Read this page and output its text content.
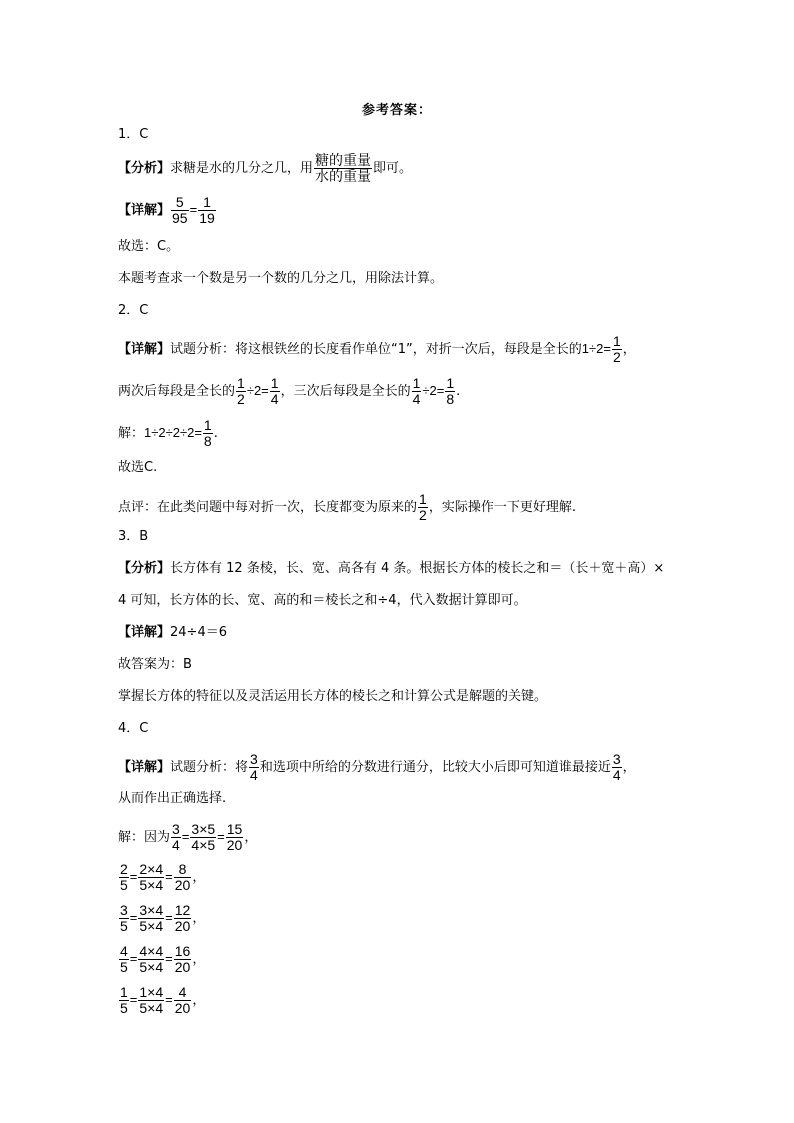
参考答案：
1．C
【分析】求糖是水的几分之几，用
糖的重量
水的重量 即可。
【详解】 $\frac{5}{95} = \frac{1}{19}$
故选：C。
本题考查求一个数是另一个数的几分之几，用除法计算。
2．C
【详解】试题分析：将这根铁丝的长度看作单位“1”，对折一次后，每段是全长的$1\div 2= \frac{1}{2}$ ，
两次后每段是全长的 $\frac{1}{2} \div 2= \frac{1}{4}$ ，三次后每段是全长的 $\frac{1}{4} \div 2= \frac{1}{8}$ .
解：$1\div 2\div 2\div 2= \frac{1}{8}$ .
故选C.
点评：在此类问题中每对折一次，长度都变为原来的 $\frac{1}{2}$ ，实际操作一下更好理解.
3．B
【分析】长方体有 12 条棱，长、宽、高各有 4 条。根据长方体的棱长之和＝（长＋宽＋高）×
4 可知，长方体的长、宽、高的和＝棱长之和÷4，代入数据计算即可。
【详解】24÷4＝6
故答案为：B
掌握长方体的特征以及灵活运用长方体的棱长之和计算公式是解题的关键。
4．C
【详解】试题分析：将 $\frac{3}{4}$ 和选项中所给的分数进行通分，比较大小后即可知道谁最接近 $\frac{3}{4}$ ，
从而作出正确选择.
解：因为 $\frac{3}{4} = \frac{3\times 5}{4\times 5} = \frac{15}{20}$ ，
$\frac{2}{5} = \frac{2\times 4}{5\times 4} = \frac{8}{20}$ ，
$\frac{3}{5} = \frac{3\times 4}{5\times 4} = \frac{12}{20}$ ，
$\frac{4}{5} = \frac{4\times 4}{5\times 4} = \frac{16}{20}$ ，
$\frac{1}{5} = \frac{1\times 4}{5\times 4} = \frac{4}{20}$ ，
